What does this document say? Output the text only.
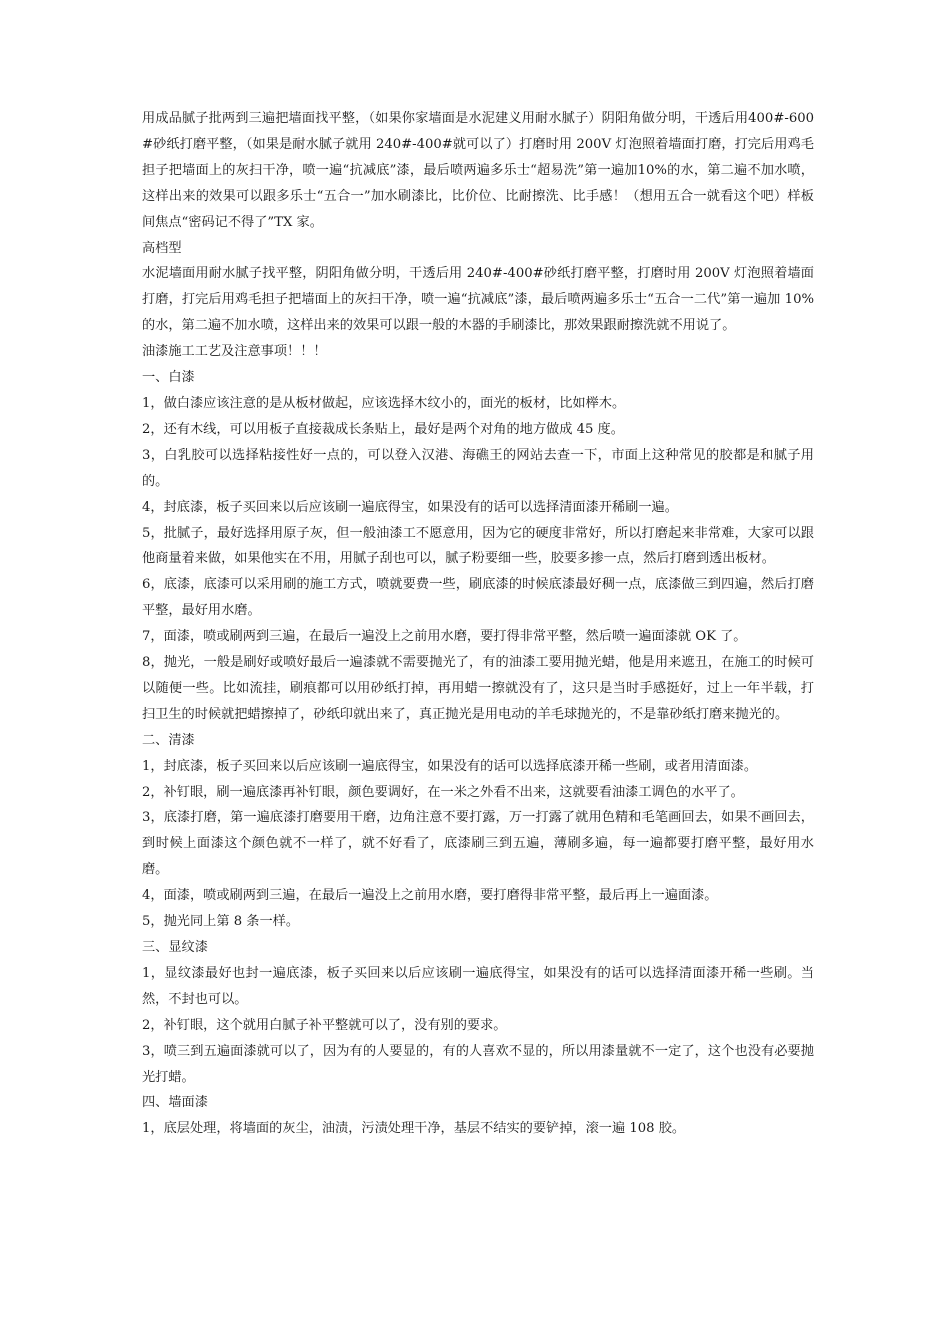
用成品腻子批两到三遍把墙面找平整，（如果你家墙面是水泥建义用耐水腻子）阴阳角做分明，干透后用400#-600#砂纸打磨平整，（如果是耐水腻子就用 240#-400#就可以了）打磨时用 200V 灯泡照着墙面打磨，打完后用鸡毛担子把墙面上的灰扫干净，喷一遍“抗减底”漆，最后喷两遍多乐士“超易洗”第一遍加10%的水，第二遍不加水喷，这样出来的效果可以跟多乐士“五合一”加水刷漆比，比价位、比耐擦洗、比手感！（想用五合一就看这个吧）样板间焦点“密码记不得了”TX 家。

高档型

水泥墙面用耐水腻子找平整，阴阳角做分明，干透后用 240#-400#砂纸打磨平整，打磨时用 200V 灯泡照着墙面打磨，打完后用鸡毛担子把墙面上的灰扫干净，喷一遍“抗减底”漆，最后喷两遍多乐士“五合一二代”第一遍加 10%的水，第二遍不加水喷，这样出来的效果可以跟一般的木器的手刷漆比，那效果跟耐擦洗就不用说了。

油漆施工工艺及注意事项！！！

一、白漆

1，做白漆应该注意的是从板材做起，应该选择木纹小的，面光的板材，比如榉木。

2，还有木线，可以用板子直接裁成长条贴上，最好是两个对角的地方做成 45 度。

3，白乳胶可以选择粘接性好一点的，可以登入汉港、海礁王的网站去查一下，市面上这种常见的胶都是和腻子用的。

4，封底漆，板子买回来以后应该刷一遍底得宝，如果没有的话可以选择清面漆开稀刷一遍。

5，批腻子，最好选择用原子灰，但一般油漆工不愿意用，因为它的硬度非常好，所以打磨起来非常难，大家可以跟他商量着来做，如果他实在不用，用腻子刮也可以，腻子粉要细一些，胶要多掺一点，然后打磨到透出板材。

6，底漆，底漆可以采用刷的施工方式，喷就要费一些，刷底漆的时候底漆最好稠一点，底漆做三到四遍，然后打磨平整，最好用水磨。

7，面漆，喷或刷两到三遍，在最后一遍没上之前用水磨，要打得非常平整，然后喷一遍面漆就 OK 了。

8，抛光，一般是刷好或喷好最后一遍漆就不需要抛光了，有的油漆工要用抛光蜡，他是用来遮丑，在施工的时候可以随便一些。比如流挂，刷痕都可以用砂纸打掉，再用蜡一擦就没有了，这只是当时手感挺好，过上一年半载，打扫卫生的时候就把蜡擦掉了，砂纸印就出来了，真正抛光是用电动的羊毛球抛光的，不是靠砂纸打磨来抛光的。

二、清漆

1，封底漆，板子买回来以后应该刷一遍底得宝，如果没有的话可以选择底漆开稀一些刷，或者用清面漆。

2，补钉眼，刷一遍底漆再补钉眼，颜色要调好，在一米之外看不出来，这就要看油漆工调色的水平了。

3，底漆打磨，第一遍底漆打磨要用干磨，边角注意不要打露，万一打露了就用色精和毛笔画回去，如果不画回去，到时候上面漆这个颜色就不一样了，就不好看了，底漆刷三到五遍，薄刷多遍，每一遍都要打磨平整，最好用水磨。

4，面漆，喷或刷两到三遍，在最后一遍没上之前用水磨，要打磨得非常平整，最后再上一遍面漆。

5，抛光同上第 8 条一样。

三、显纹漆

1，显纹漆最好也封一遍底漆，板子买回来以后应该刷一遍底得宝，如果没有的话可以选择清面漆开稀一些刷。当然，不封也可以。

2，补钉眼，这个就用白腻子补平整就可以了，没有别的要求。

3，喷三到五遍面漆就可以了，因为有的人要显的，有的人喜欢不显的，所以用漆量就不一定了，这个也没有必要抛光打蜡。

四、墙面漆

1，底层处理，将墙面的灰尘，油渍，污渍处理干净，基层不结实的要铲掉，滚一遍 108 胶。
